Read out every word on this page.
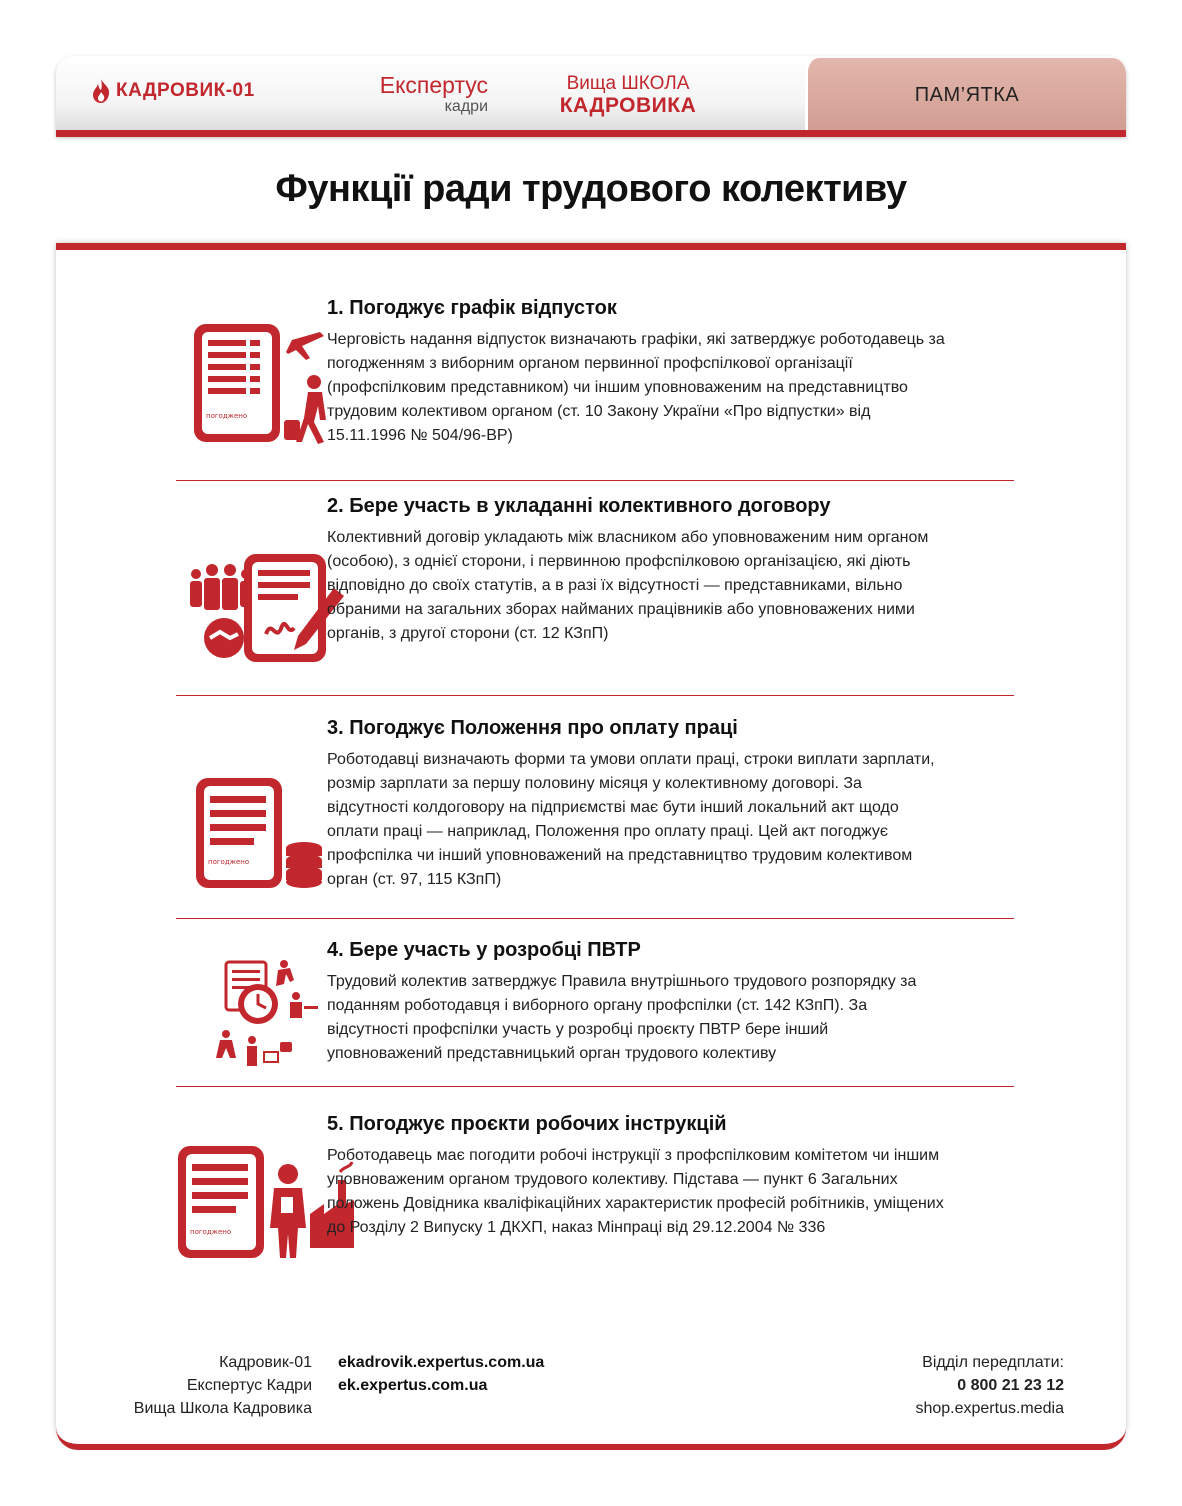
КАДРОВИК-01	Експертус
кадри
Вища ШКОЛА
КАДРОВИКА	ПАМ’ЯТКА
Функції ради трудового колективу
погоджено

1. Погоджує графік відпусток

Черговість надання відпусток визначають графіки, які затверджує роботодавець за погодженням з виборним органом первинної профспілкової організації (профспілковим представником) чи іншим уповноваженим на представництво трудовим колективом органом (ст. 10 Закону України «Про відпустки» від 15.11.1996 № 504/96-ВР)

2. Бере участь в укладанні колективного договору

Колективний договір укладають між власником або уповноваженим ним органом (особою), з однієї сторони, і первинною профспілковою організацією, які діють відповідно до своїх статутів, а в разі їх відсутності — представниками, вільно обраними на загальних зборах найманих працівників або уповноважених ними органів, з другої сторони (ст. 12 КЗпП)

погоджено

3. Погоджує Положення про оплату праці

Роботодавці визначають форми та умови оплати праці, строки виплати зарплати, розмір зарплати за першу половину місяця у колективному договорі. За відсутності колдоговору на підприємстві має бути інший локальний акт щодо оплати праці — наприклад, Положення про оплату праці. Цей акт погоджує профспілка чи інший уповноважений на представництво трудовим колективом орган (ст. 97, 115 КЗпП)

4. Бере участь у розробці ПВТР

Трудовий колектив затверджує Правила внутрішнього трудового розпорядку за поданням роботодавця і виборного органу профспілки (ст. 142 КЗпП). За відсутності профспілки участь у розробці проєкту ПВТР бере інший уповноважений представницький орган трудового колективу

погоджено

5. Погоджує проєкти робочих інструкцій

Роботодавець має погодити робочі інструкції з профспілковим комітетом чи іншим уповноваженим органом трудового колективу. Підстава — пункт 6 Загальних положень Довідника кваліфікаційних характеристик професій робітників, уміщених до Розділу 2 Випуску 1 ДКХП, наказ Мінпраці від 29.12.2004 № 336

Кадровик-01
Експертус Кадри
Вища Школа Кадровика
ekadrovik.expertus.com.ua
ek.expertus.com.ua
Відділ передплати:
0 800 21 23 12
shop.expertus.media
